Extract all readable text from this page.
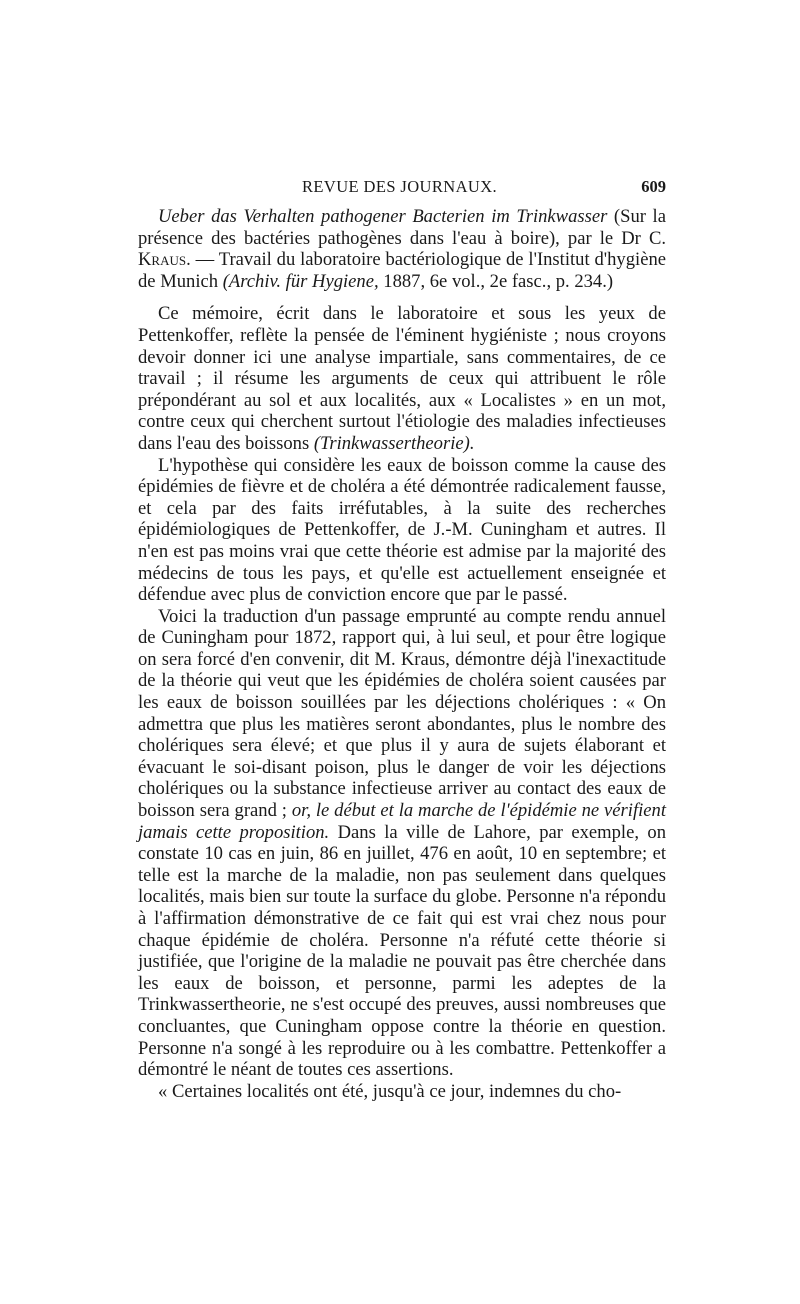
REVUE DES JOURNAUX.	609

Ueber das Verhalten pathogener Bacterien im Trinkwasser (Sur la présence des bactéries pathogènes dans l'eau à boire), par le Dr C. Kraus. — Travail du laboratoire bactériologique de l'Institut d'hygiène de Munich (Archiv. für Hygiene, 1887, 6e vol., 2e fasc., p. 234.)

Ce mémoire, écrit dans le laboratoire et sous les yeux de Pettenkoffer, reflète la pensée de l'éminent hygiéniste ; nous croyons devoir donner ici une analyse impartiale, sans commentaires, de ce travail ; il résume les arguments de ceux qui attribuent le rôle prépondérant au sol et aux localités, aux « Localistes » en un mot, contre ceux qui cherchent surtout l'étiologie des maladies infectieuses dans l'eau des boissons (Trinkwassertheorie).

L'hypothèse qui considère les eaux de boisson comme la cause des épidémies de fièvre et de choléra a été démontrée radicalement fausse, et cela par des faits irréfutables, à la suite des recherches épidémiologiques de Pettenkoffer, de J.-M. Cuningham et autres. Il n'en est pas moins vrai que cette théorie est admise par la majorité des médecins de tous les pays, et qu'elle est actuellement enseignée et défendue avec plus de conviction encore que par le passé.

Voici la traduction d'un passage emprunté au compte rendu annuel de Cuningham pour 1872, rapport qui, à lui seul, et pour être logique on sera forcé d'en convenir, dit M. Kraus, démontre déjà l'inexactitude de la théorie qui veut que les épidémies de choléra soient causées par les eaux de boisson souillées par les déjections cholériques : « On admettra que plus les matières seront abondantes, plus le nombre des cholériques sera élevé; et que plus il y aura de sujets élaborant et évacuant le soi-disant poison, plus le danger de voir les déjections cholériques ou la substance infectieuse arriver au contact des eaux de boisson sera grand ; or, le début et la marche de l'épidémie ne vérifient jamais cette proposition. Dans la ville de Lahore, par exemple, on constate 10 cas en juin, 86 en juillet, 476 en août, 10 en septembre; et telle est la marche de la maladie, non pas seulement dans quelques localités, mais bien sur toute la surface du globe. Personne n'a répondu à l'affirmation démonstrative de ce fait qui est vrai chez nous pour chaque épidémie de choléra. Personne n'a réfuté cette théorie si justifiée, que l'origine de la maladie ne pouvait pas être cherchée dans les eaux de boisson, et personne, parmi les adeptes de la Trinkwassertheorie, ne s'est occupé des preuves, aussi nombreuses que concluantes, que Cuningham oppose contre la théorie en question. Personne n'a songé à les reproduire ou à les combattre. Pettenkoffer a démontré le néant de toutes ces assertions.

« Certaines localités ont été, jusqu'à ce jour, indemnes du cho-
